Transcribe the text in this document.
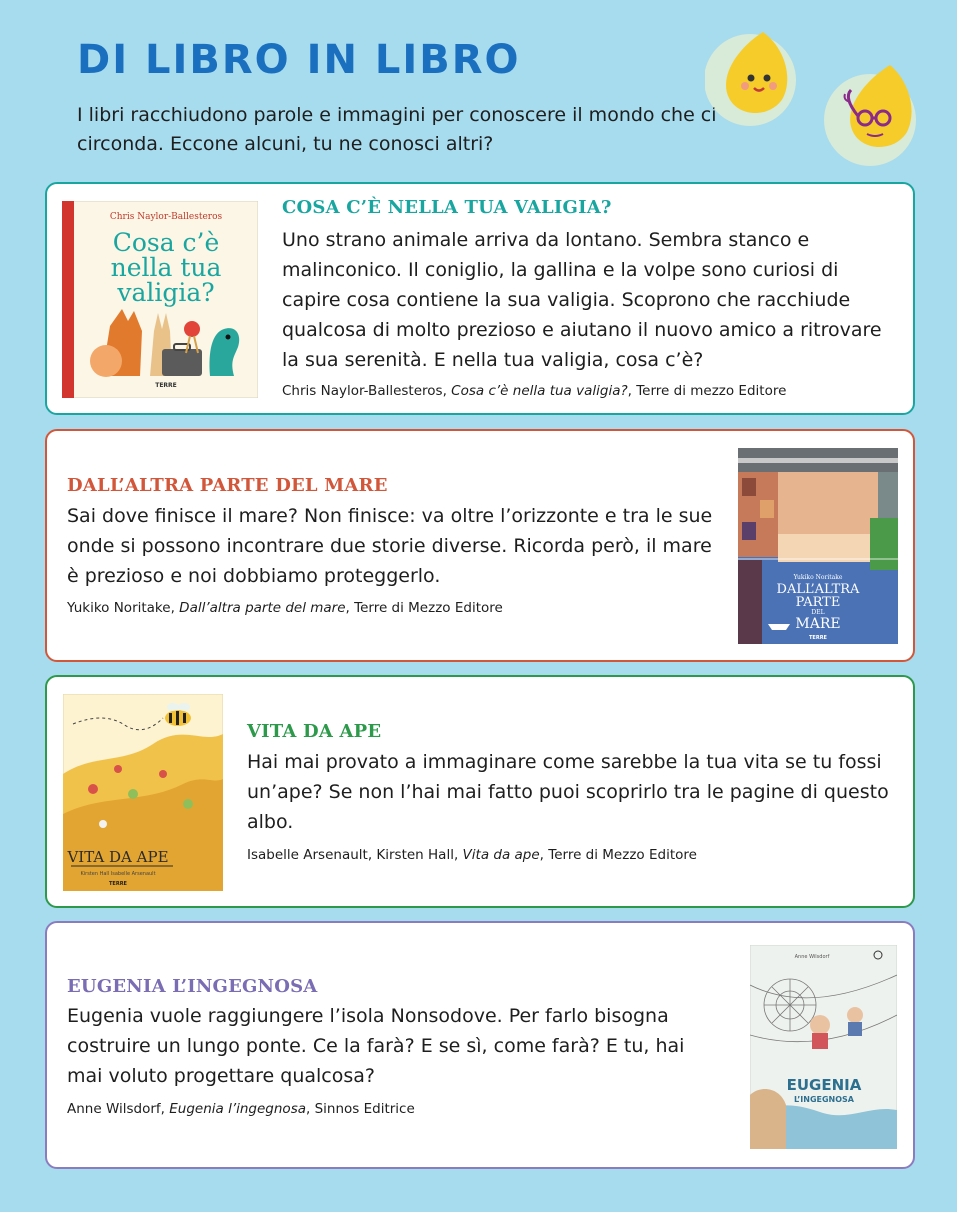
DI LIBRO IN LIBRO

I libri racchiudono parole e immagini per conoscere il mondo che ci circonda. Eccone alcuni, tu ne conosci altri?

Chris Naylor-Ballesteros
Cosa c’è
nella tua
valigia?
TERRE
COSA C’È NELLA TUA VALIGIA?

Uno strano animale arriva da lontano. Sembra stanco e malinconico. Il coniglio, la gallina e la volpe sono curiosi di capire cosa contiene la sua valigia. Scoprono che racchiude qualcosa di molto prezioso e aiutano il nuovo amico a ritrovare la sua serenità. E nella tua valigia, cosa c’è?

Chris Naylor-Ballesteros, Cosa c’è nella tua valigia?, Terre di mezzo Editore

DALL’ALTRA PARTE DEL MARE

Sai dove finisce il mare? Non finisce: va oltre l’orizzonte e tra le sue onde si possono incontrare due storie diverse. Ricorda però, il mare è prezioso e noi dobbiamo proteggerlo.

Yukiko Noritake, Dall’altra parte del mare, Terre di Mezzo Editore

Yukiko Noritake
DALL’ALTRA
PARTE
DEL
MARE
TERRE
VITA DA APE
Kirsten Hall Isabelle Arsenault
TERRE
VITA DA APE

Hai mai provato a immaginare come sarebbe la tua vita se tu fossi un’ape? Se non l’hai mai fatto puoi scoprirlo tra le pagine di questo albo.

Isabelle Arsenault, Kirsten Hall, Vita da ape, Terre di Mezzo Editore

EUGENIA L’INGEGNOSA

Eugenia vuole raggiungere l’isola Nonsodove. Per farlo bisogna costruire un lungo ponte. Ce la farà? E se sì, come farà? E tu, hai mai voluto progettare qualcosa?

Anne Wilsdorf, Eugenia l’ingegnosa, Sinnos Editrice

Anne Wilsdorf
EUGENIA
L’INGEGNOSA
